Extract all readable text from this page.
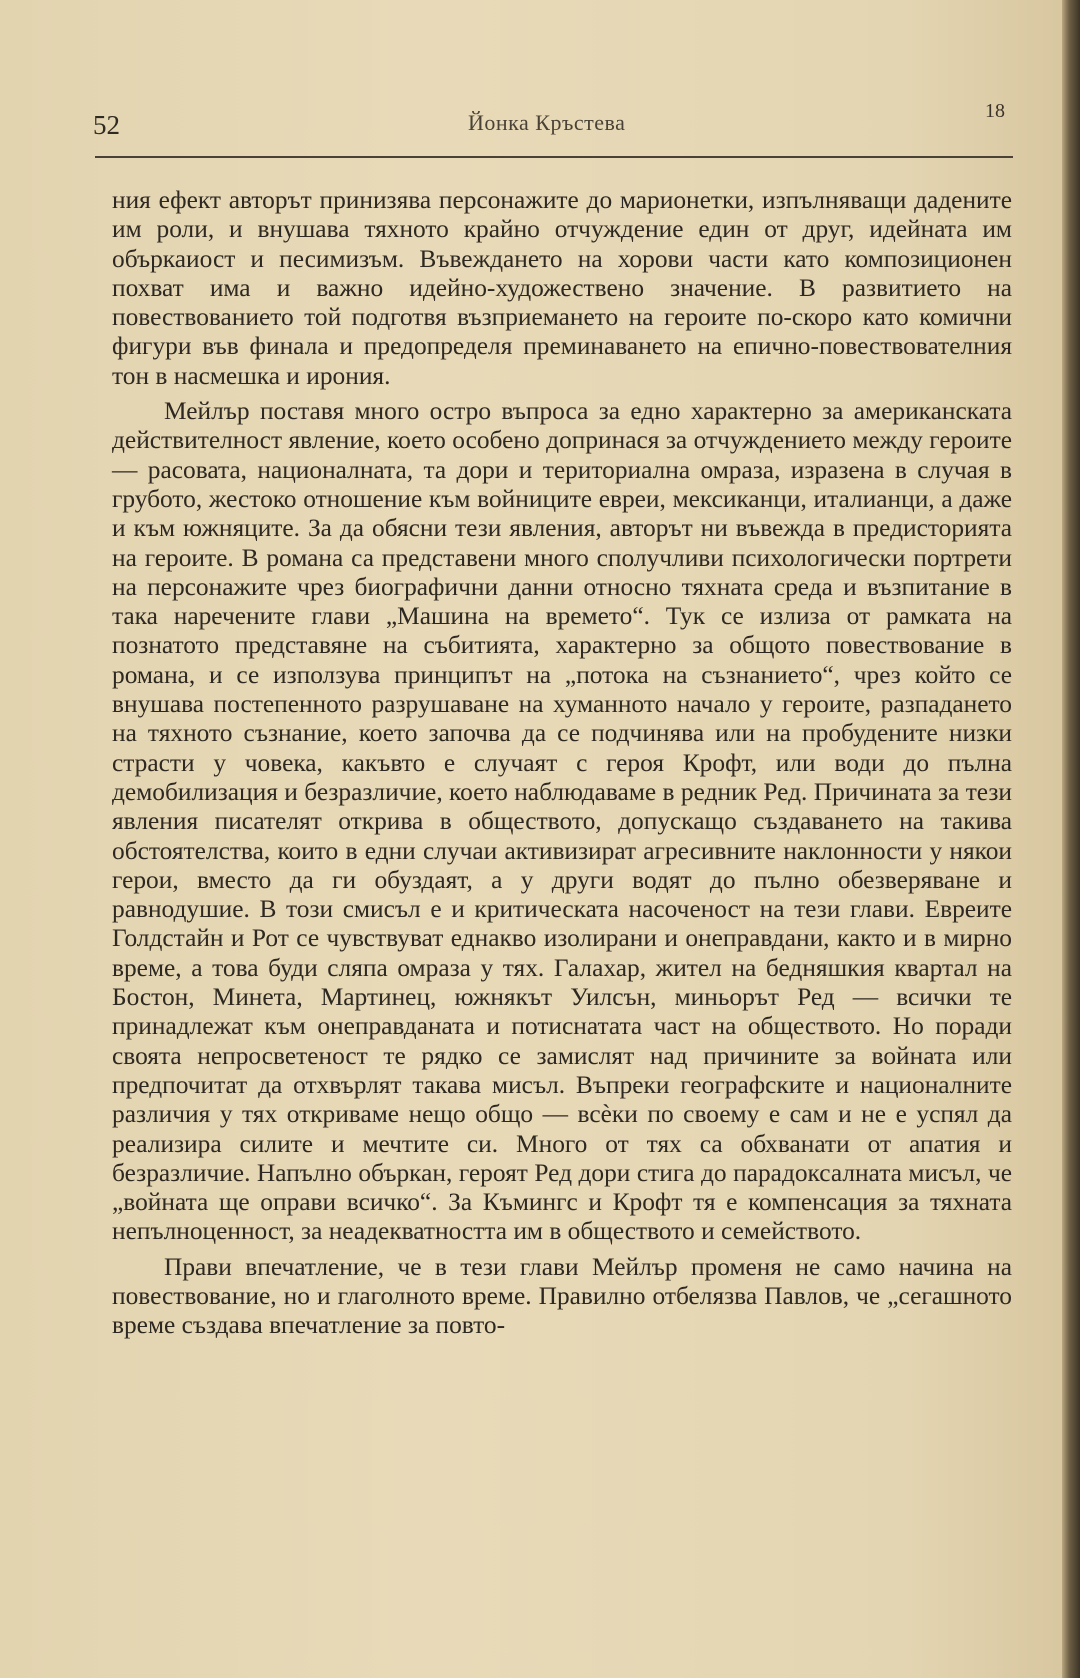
52	Йонка Кръстева	18

ния ефект авторът принизява персонажите до марионетки, изпълняващи дадените им роли, и внушава тяхното крайно отчуждение един от друг, идейната им объркаиост и песимизъм. Въвеждането на хорови части като композиционен похват има и важно идейно-художествено значение. В развитието на повествованието той подготвя възприемането на героите по-скоро като комични фигури във финала и предопределя преминаването на епично-повествователния тон в насмешка и ирония.

Мейлър поставя много остро въпроса за едно характерно за американската действителност явление, което особено допринася за отчуждението между героите — расовата, националната, та дори и териториална омраза, изразена в случая в грубото, жестоко отношение към войниците евреи, мексиканци, италианци, а даже и към южняците. За да обясни тези явления, авторът ни въвежда в предисторията на героите. В романа са представени много сполучливи психологически портрети на персонажите чрез биографични данни относно тяхната среда и възпитание в така наречените глави „Машина на времето“. Тук се излиза от рамката на познатото представяне на събитията, характерно за общото повествование в романа, и се използува принципът на „потока на съзнанието“, чрез който се внушава постепенното разрушаване на хуманното начало у героите, разпадането на тяхното съзнание, което започва да се подчинява или на пробудените низки страсти у човека, какъвто е случаят с героя Крофт, или води до пълна демобилизация и безразличие, което наблюдаваме в редник Ред. Причината за тези явления писателят открива в обществото, допускащо създаването на такива обстоятелства, които в едни случаи активизират агресивните наклонности у някои герои, вместо да ги обуздаят, а у други водят до пълно обезверяване и равнодушие. В този смисъл е и критическата насоченост на тези глави. Евреите Голдстайн и Рот се чувствуват еднакво изолирани и онеправдани, както и в мирно време, а това буди сляпа омраза у тях. Галахар, жител на бедняшкия квартал на Бостон, Минета, Мартинец, южнякът Уилсън, миньорът Ред — всички те принадлежат към онеправданата и потиснатата част на обществото. Но поради своята непросветеност те рядко се замислят над причините за войната или предпочитат да отхвърлят такава мисъл. Въпреки географските и националните различия у тях откриваме нещо общо — всѐки по своему е сам и не е успял да реализира силите и мечтите си. Много от тях са обхванати от апатия и безразличие. Напълно объркан, героят Ред дори стига до парадоксалната мисъл, че „войната ще оправи всичко“. За Къмингс и Крофт тя е компенсация за тяхната непълноценност, за неадекватността им в обществото и семейството.

Прави впечатление, че в тези глави Мейлър променя не само начина на повествование, но и глаголното време. Правилно отбелязва Павлов, че „сегашното време създава впечатление за повто-
